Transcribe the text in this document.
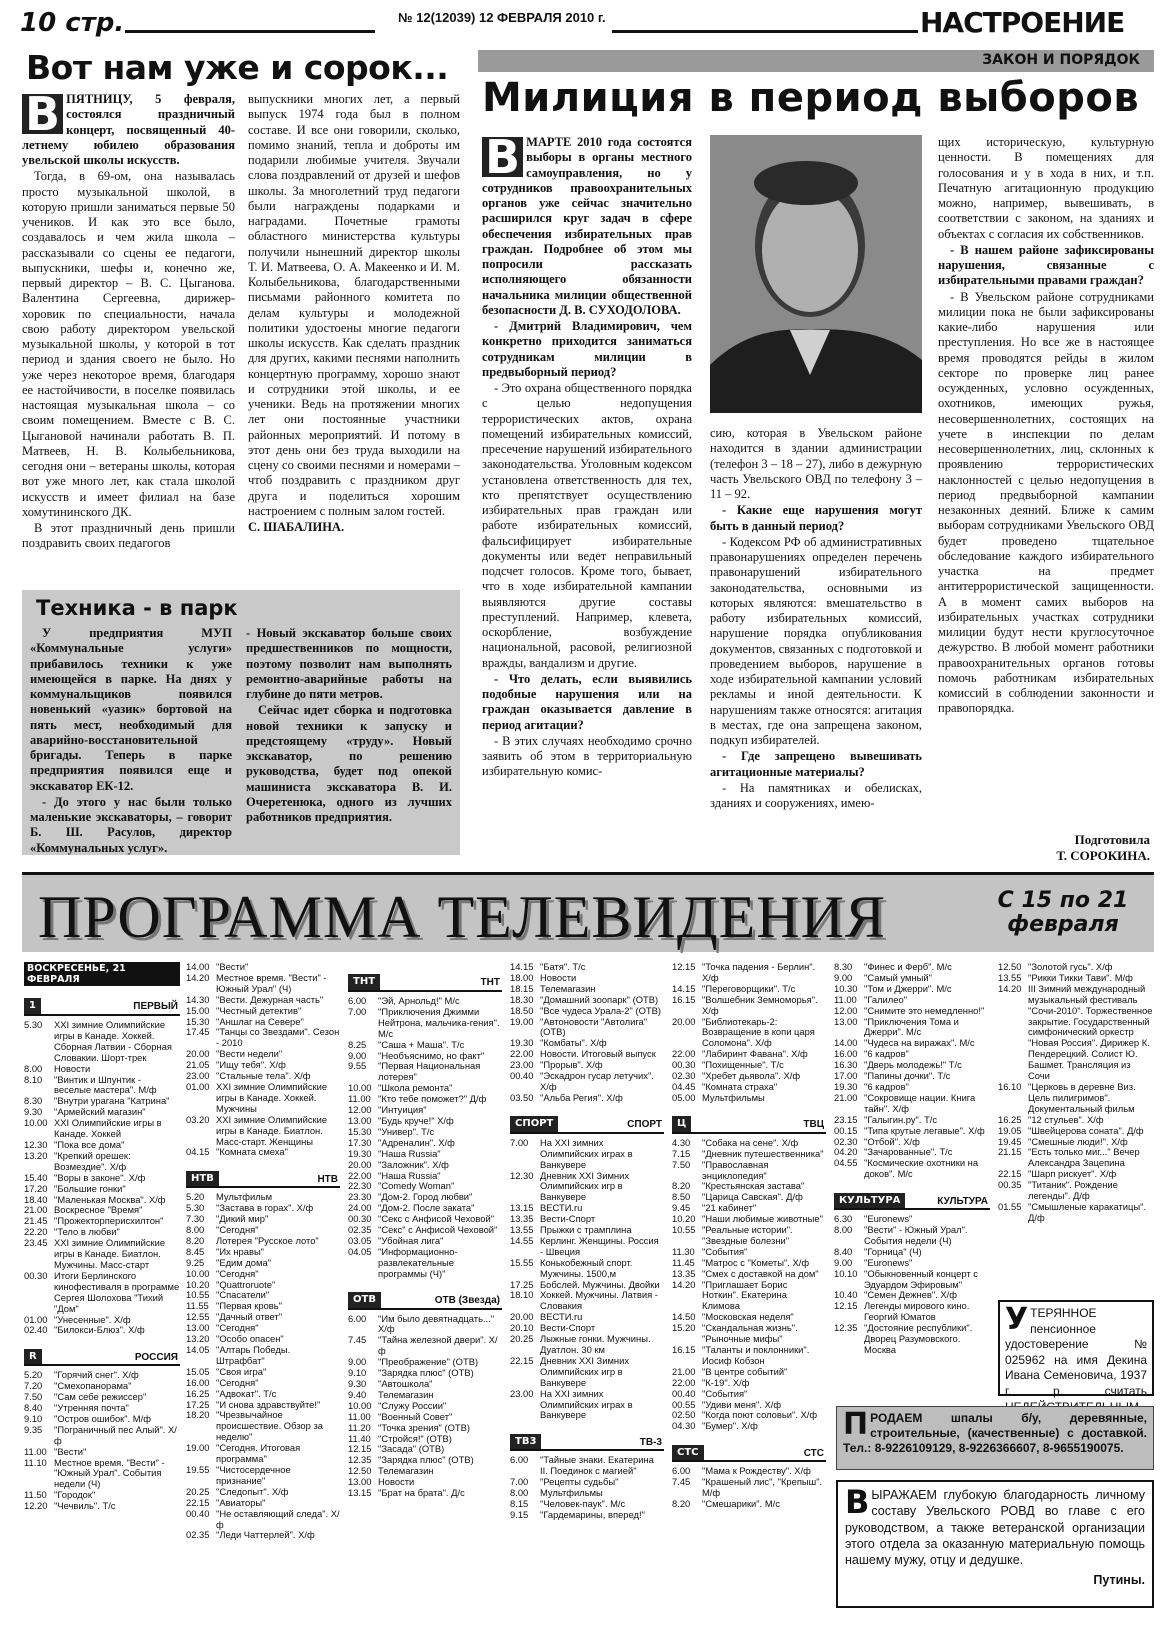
10 стр.	№ 12(12039) 12 ФЕВРАЛЯ 2010 г.	НАСТРОЕНИЕ
Вот нам уже и сорок...

В ПЯТНИЦУ, 5 февраля, состоялся праздничный концерт, посвященный 40-летнему юбилею образования увельской школы искусств.

Тогда, в 69-ом, она называлась просто музыкальной школой, в которую пришли заниматься первые 50 учеников. И как это все было, создавалось и чем жила школа – рассказывали со сцены ее педагоги, выпускники, шефы и, конечно же, первый директор – В. С. Цыганова. Валентина Сергеевна, дирижер-хоровик по специальности, начала свою работу директором увельской музыкальной школы, у которой в тот период и здания своего не было. Но уже через некоторое время, благодаря ее настойчивости, в поселке появилась настоящая музыкальная школа – со своим помещением. Вместе с В. С. Цыгановой начинали работать В. П. Матвеев, Н. В. Колыбельникова, сегодня они – ветераны школы, которая вот уже много лет, как стала школой искусств и имеет филиал на базе хомутининского ДК.

В этот праздничный день пришли поздравить своих педагогов

выпускники многих лет, а первый выпуск 1974 года был в полном составе. И все они говорили, сколько, помимо знаний, тепла и доброты им подарили любимые учителя. Звучали слова поздравлений от друзей и шефов школы. За многолетний труд педагоги были награждены подарками и наградами. Почетные грамоты областного министерства культуры получили нынешний директор школы Т. И. Матвеева, О. А. Макеенко и И. М. Колыбельникова, благодарственными письмами районного комитета по делам культуры и молодежной политики удостоены многие педагоги школы искусств. Как сделать праздник для других, какими песнями наполнить концертную программу, хорошо знают и сотрудники этой школы, и ее ученики. Ведь на протяжении многих лет они постоянные участники районных мероприятий. И потому в этот день они без труда выходили на сцену со своими песнями и номерами – чтоб поздравить с праздником друг друга и поделиться хорошим настроением с полным залом гостей.

С. ШАБАЛИНА.

Техника - в парк

У предприятия МУП «Коммунальные услуги» прибавилось техники к уже имеющейся в парке. На днях у коммунальщиков появился новенький «уазик» бортовой на пять мест, необходимый для аварийно-восстановительной бригады. Теперь в парке предприятия появился еще и экскаватор ЕК-12.

- До этого у нас были только маленькие экскаваторы, – говорит Б. Ш. Расулов, директор «Коммунальных услуг».

- Новый экскаватор больше своих предшественников по мощности, поэтому позволит нам выполнять ремонтно-аварийные работы на глубине до пяти метров.

Сейчас идет сборка и подготовка новой техники к запуску и предстоящему «труду». Новый экскаватор, по решению руководства, будет под опекой машиниста экскаватора В. И. Очеретенюка, одного из лучших работников предприятия.

ЗАКОН И ПОРЯДОК
Милиция в период выборов

В МАРТЕ 2010 года состоятся выборы в органы местного самоуправления, но у сотрудников правоохранительных органов уже сейчас значительно расширился круг задач в сфере обеспечения избирательных прав граждан. Подробнее об этом мы попросили рассказать исполняющего обязанности начальника милиции общественной безопасности Д. В. СУХОДОЛОВА.

- Дмитрий Владимирович, чем конкретно приходится заниматься сотрудникам милиции в предвыборный период?

- Это охрана общественного порядка с целью недопущения террористических актов, охрана помещений избирательных комиссий, пресечение нарушений избирательного законодательства. Уголовным кодексом установлена ответственность для тех, кто препятствует осуществлению избирательных прав граждан или работе избирательных комиссий, фальсифицирует избирательные документы или ведет неправильный подсчет голосов. Кроме того, бывает, что в ходе избирательной кампании выявляются другие составы преступлений. Например, клевета, оскорбление, возбуждение национальной, расовой, религиозной вражды, вандализм и другие.

- Что делать, если выявились подобные нарушения или на граждан оказывается давление в период агитации?

- В этих случаях необходимо срочно заявить об этом в территориальную избирательную комис-

сию, которая в Увельском районе находится в здании администрации (телефон 3 – 18 – 27), либо в дежурную часть Увельского ОВД по телефону 3 – 11 – 92.

- Какие еще нарушения могут быть в данный период?

- Кодексом РФ об административных правонарушениях определен перечень правонарушений избирательного законодательства, основными из которых являются: вмешательство в работу избирательных комиссий, нарушение порядка опубликования документов, связанных с подготовкой и проведением выборов, нарушение в ходе избирательной кампании условий рекламы и иной деятельности. К нарушениям также относятся: агитация в местах, где она запрещена законом, подкуп избирателей.

- Где запрещено вывешивать агитационные материалы?

- На памятниках и обелисках, зданиях и сооружениях, имею-

щих историческую, культурную ценности. В помещениях для голосования и у в хода в них, и т.п. Печатную агитационную продукцию можно, например, вывешивать, в соответствии с законом, на зданиях и объектах с согласия их собственников.

- В нашем районе зафиксированы нарушения, связанные с избирательными правами граждан?

- В Увельском районе сотрудниками милиции пока не были зафиксированы какие-либо нарушения или преступления. Но все же в настоящее время проводятся рейды в жилом секторе по проверке лиц ранее осужденных, условно осужденных, охотников, имеющих ружья, несовершеннолетних, состоящих на учете в инспекции по делам несовершеннолетних, лиц, склонных к проявлению террористических наклонностей с целью недопущения в период предвыборной кампании незаконных деяний. Ближе к самим выборам сотрудниками Увельского ОВД будет проведено тщательное обследование каждого избирательного участка на предмет антитеррористической защищенности. А в момент самих выборов на избирательных участках сотрудники милиции будут нести круглосуточное дежурство. В любой момент работники правоохранительных органов готовы помочь работникам избирательных комиссий в соблюдении законности и правопорядка.

Подготовила
Т. СОРОКИНА.
ПРОГРАММА ТЕЛЕВИДЕНИЯ	С 15 по 21 февраля
ВОСКРЕСЕНЬЕ, 21 ФЕВРАЛЯ
1	ПЕРВЫЙ
5.30	XXI зимние Олимпийские игры в Канаде. Хоккей. Сборная Латвии - Сборная Словакии. Шорт-трек
8.00	Новости
8.10	"Винтик и Шпунтик - веселые мастера". М/ф
8.30	"Внутри урагана "Катрина"
9.30	"Армейский магазин"
10.00 XXI Олимпийские игры в Канаде. Хоккей
12.30 "Пока все дома"
13.20 "Крепкий орешек: Возмездие". Х/ф
15.40 "Воры в законе". Х/ф
17.20 "Большие гонки"
18.40 "Маленькая Москва". Х/ф
21.00 Воскресное "Время"
21.45 "Прожекторперисхилтон"
22.20 "Тело в любви"
23.45 XXI зимние Олимпийские игры в Канаде. Биатлон. Мужчины. Масс-старт
00.30 Итоги Берлинского кинофестиваля в программе Сергея Шолохова "Тихий "Дом"
01.00 "Унесенные". Х/ф
02.40 "Билокси-Блюз". Х/ф
R	РОССИЯ
5.20	"Горячий снег". Х/ф
7.20	"Смехопанорама"
7.50	"Сам себе режиссер"
8.40	"Утренняя почта"
9.10	"Остров ошибок". М/ф
9.35	"Пограничный пес Алый". Х/ф
11.00 "Вести"
11.10 Местное время. "Вести" - "Южный Урал". События недели (Ч)
11.50 "Городок"
12.20 "Чечвиль". Т/с
14.00 "Вести"
14.20 Местное время. "Вести" - Южный Урал" (Ч)
14.30 "Вести. Дежурная часть"
15.00 "Честный детектив"
15.30 "Аншлаг на Севере"
17.45 "Танцы со Звездами". Сезон - 2010
20.00 "Вести недели"
21.05 "Ищу тебя". Х/ф
23.00 "Стальные тела". Х/ф
01.00 XXI зимние Олимпийские игры в Канаде. Хоккей. Мужчины
03.20 XXI зимние Олимпийские игры в Канаде. Биатлон. Масс-старт. Женщины
04.15 "Комната смеха"
НТВ	НТВ
5.20	Мультфильм
5.30	"Застава в горах". Х/ф
7.30	"Дикий мир"
8.00	"Сегодня"
8.20	Лотерея "Русское лото"
8.45	"Их нравы"
9.25	"Едим дома"
10.00 "Сегодня"
10.20 "Quattroruote"
10.55 "Спасатели"
11.55 "Первая кровь"
12.55 "Дачный ответ"
13.00 "Сегодня"
13.20 "Особо опасен"
14.05 "Алтарь Победы. Штрафбат"
15.05 "Своя игра"
16.00 "Сегодня"
16.25 "Адвокат". Т/с
17.25 "И снова здравствуйте!"
18.20 "Чрезвычайное происшествие. Обзор за неделю"
19.00 "Сегодня. Итоговая программа"
19.55 "Чистосердечное признание"
20.25 "Следопыт". Х/ф
22.15 "Авиаторы"
00.40 "Не оставляющий следа". Х/ф
02.35 "Леди Чаттерлей". Х/ф
ТНТ	ТНТ
6.00	"Эй, Арнольд!" М/с
7.00	"Приключения Джимми Нейтрона, мальчика-гения". М/с
8.25	"Саша + Маша". Т/с
9.00	"Необъяснимо, но факт"
9.55	"Первая Национальная лотерея"
10.00 "Школа ремонта"
11.00 "Кто тебе поможет?" Д/ф
12.00 "Интуиция"
13.00 "Будь круче!" Х/ф
15.30 "Универ". Т/с
17.30 "Адреналин". Х/ф
19.30 "Наша Russia"
20.00 "Заложник". Х/ф
22.00 "Наша Russia"
22.30 "Comedy Woman"
23.30 "Дом-2. Город любви"
24.00 "Дом-2. После заката"
00.30 "Секс с Анфисой Чеховой"
02.35 "Секс" с Анфисой Чеховой"
03.05 "Убойная лига"
04.05 "Информационно-развлекательные программы (Ч)"
ОТВ	ОТВ (Звезда)
6.00	"Им было девятнадцать..." Х/ф
7.45	"Тайна железной двери". Х/ф
9.00	"Преображение" (ОТВ)
9.10	"Зарядка плюс" (ОТВ)
9.30	"Автошкола"
9.40	Телемагазин
10.00 "Служу России"
11.00 "Военный Совет"
11.20 "Точка зрения" (ОТВ)
11.40 "Стройся!" (ОТВ)
12.15 "Засада" (ОТВ)
12.35 "Зарядка плюс" (ОТВ)
12.50 Телемагазин
13.00 Новости
13.15 "Брат на брата". Д/с
14.15 "Батя". Т/с
18.00 Новости
18.15 Телемагазин
18.30 "Домашний зоопарк" (ОТВ)
18.50 "Все чудеса Урала-2" (ОТВ)
19.00 "Автоновости "Автолига" (ОТВ)
19.30 "Комбаты". Х/ф
22.00 Новости. Итоговый выпуск
23.00 "Прорыв". Х/ф
00.40 "Эскадрон гусар летучих". Х/ф
03.50 "Альба Регия". Х/ф
СПОРТ	СПОРТ
7.00	На XXI зимних Олимпийских играх в Ванкувере
12.30 Дневник XXI Зимних Олимпийских игр в Ванкувере
13.15 ВЕСТИ.ru
13.35 Вести-Спорт
13.55 Прыжки с трамплина
14.55 Керлинг. Женщины. Россия - Швеция
15.55 Конькобежный спорт. Мужчины. 1500,м
17.25 Бобслей. Мужчины. Двойки
18.10 Хоккей. Мужчины. Латвия - Словакия
20.00 ВЕСТИ.ru
20.10 Вести-Спорт
20.25 Лыжные гонки. Мужчины. Дуатлон. 30 км
22.15 Дневник XXI Зимних Олимпийских игр в Ванкувере
23.00 На XXI зимних Олимпийских играх в Ванкувере
ТВ3	ТВ-3
6.00	"Тайные знаки. Екатерина II. Поединок с магией"
7.00	"Рецепты судьбы"
8.00	Мультфильмы
8.15	"Человек-паук". М/с
9.15	"Гардемарины, вперед!"
12.15 "Точка падения - Берлин". Х/ф
14.15 "Переговорщики". Т/с
16.15 "Волшебник Земноморья". Х/ф
20.00 "Библиотекарь-2: Возвращение в копи царя Соломона". Х/ф
22.00 "Лабиринт Фавана". Х/ф
00.30 "Похищенные". Т/с
02.30 "Хребет дьявола". Х/ф
04.45 "Комната страха"
05.00 Мультфильмы
Ц	ТВЦ
4.30	"Собака на сене". Х/ф
7.15	"Дневник путешественника"
7.50	"Православная энциклопедия"
8.20	"Крестьянская застава"
8.50	"Царица Савская". Д/ф
9.45	"21 кабинет"
10.20 "Наши любимые животные"
10.55 "Реальные истории". "Звездные болезни"
11.30 "События"
11.45 "Матрос с "Кометы". Х/ф
13.35 "Смех с доставкой на дом"
14.20 "Приглашает Борис Ноткин". Екатерина Климова
14.50 "Московская неделя"
15.20 "Скандальная жизнь". "Рыночные мифы"
16.15 "Таланты и поклонники". Иосиф Кобзон
21.00 "В центре событий"
22.00 "К-19". Х/ф
00.40 "События"
00.55 "Удиви меня". Х/ф
02.50 "Когда поют соловьи". Х/ф
04.30 "Бумер". Х/ф
СТС	СТС
6.00	"Мама к Рождеству". Х/ф
7.45	"Крашеный лис", "Крепыш". М/ф
8.20	"Смешарики". М/с
8.30	"Финес и Ферб". М/с
9.00	"Самый умный"
10.30 "Том и Джерри". М/с
11.00 "Галилео"
12.00 "Снимите это немедленно!"
13.00 "Приключения Тома и Джерри". М/с
14.00 "Чудеса на виражах". М/с
16.00 "6 кадров"
16.30 "Дверь молодежь!" Т/с
17.00 "Папины дочки". Т/с
19.30 "6 кадров"
21.00 "Сокровище нации. Книга тайн". Х/ф
23.15 "Галыгин.ру". Т/с
00.15 "Типа крутые легавые". Х/ф
02.30 "Отбой". Х/ф
04.20 "Зачарованные". Т/с
04.55 "Космические охотники на доков". М/с
КУЛЬТУРА	КУЛЬТУРА
6.30	"Euronews"
8.00	"Вести" - Южный Урал". События недели (Ч)
8.40	"Горница" (Ч)
9.00	"Euronews"
10.10 "Обыкновенный концерт с Эдуардом Эфировым"
10.40 "Семен Дежнев". Х/ф
12.15 Легенды мирового кино. Георгий Юматов
12.35 "Достояние республики". Дворец Разумовского. Москва
12.50 "Золотой гусь". Х/ф
13.55 "Рикки Тикки Тави". М/ф
14.20 III Зимний международный музыкальный фестиваль "Сочи-2010". Торжественное закрытие. Государственный симфонический оркестр "Новая Россия". Дирижер К. Пендерецкий. Солист Ю. Башмет. Трансляция из Сочи
16.10 "Церковь в деревне Виз. Цель пилигримов". Документальный фильм
16.25 "12 стульев". Х/ф
19.05 "Швейцерова соната". Д/ф
19.45 "Смешные люди!". Х/ф
21.15 "Есть только миг..." Вечер Александра Зацепина
22.15 "Шарп рискует". Х/ф
00.35 "Титаник". Рождение легенды". Д/ф
01.55 "Смышленые каракатицы". Д/ф
УТЕРЯННОЕ пенсионное удостоверение № 025962 на имя Декина Ивана Семеновича, 1937 г. р. считать
ПРОДАЕМ шпалы б/у, деревянные, строительные, (качественные) с доставкой. Тел.: 8-9226109129, 8-9226366607, 8-9655190075.
ВЫРАЖАЕМ глубокую благодарность личному составу Увельского РОВД во главе с его руководством, а также ветеранской организации этого отдела за оказанную материальную помощь нашему мужу, отцу и дедушке.
Путины.
